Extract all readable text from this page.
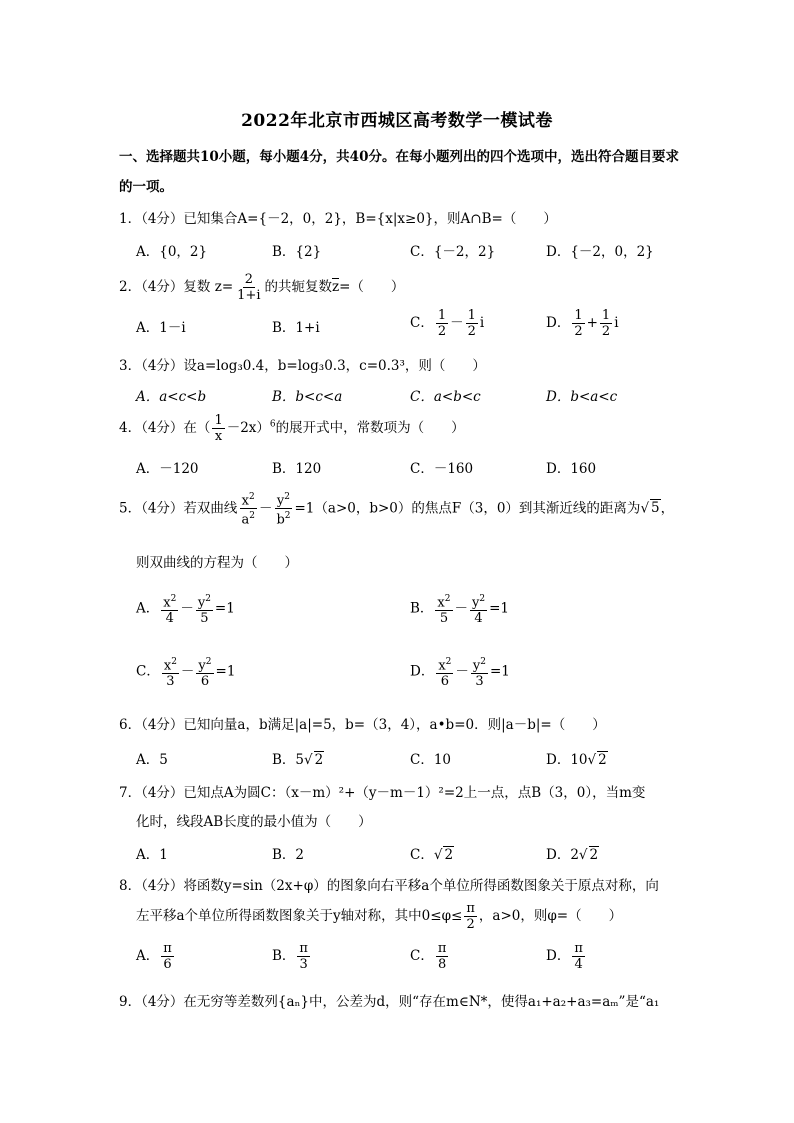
2022年北京市西城区高考数学一模试卷
一、选择题共10小题，每小题4分，共40分。在每小题列出的四个选项中，选出符合题目要求的一项。
1．（4分）已知集合A={－2，0，2}，B={x|x≥0}，则A∩B=（　　）
A．{0，2}	B．{2}	C．{－2，2}	D．{－2，0，2}
2．（4分）复数 $z= \frac{2}{1+i}$ 的共轭复数z=（　　）
A．1－i	B．1+i	C． $\frac{1}{2} - \frac{1}{2}$ i	D． $\frac{1}{2} + \frac{1}{2}$ i
3．（4分）设a=log₃0.4，b=log₃0.3，c=0.3³，则（　　）
A．a<c<b	B．b<c<a	C．a<b<c	D．b<a<c
4．（4分）在（ $\frac{1}{x} -2x)^6$的展开式中，常数项为（　　）
A．－120	B．120	C．－160	D．160
5．（4分）若双曲线 $\frac{x^2}{a^2} - \frac{y^2}{b^2} =1(a>0$，b>0）的焦点F（3，0）到其渐近线的距离为√ 5，
则双曲线的方程为（　　）
A． $\frac{x^2}{4} - \frac{y^2}{5} =1$	B． $\frac{x^2}{5} - \frac{y^2}{4} =1$
C． $\frac{x^2}{3} - \frac{y^2}{6} =1$	D． $\frac{x^2}{6} - \frac{y^2}{3} =1$
6．（4分）已知向量a，b满足|a|=5，b=（3，4），a•b=0．则|a－b|=（　　）
A．5	B．5√ 2	C．10	D．10√ 2
7．（4分）已知点A为圆C：（x－m）²+（y－m－1）²=2上一点，点B（3，0），当m变
化时，线段AB长度的最小值为（　　）
A．1	B．2	C．√ 2	D．2√ 2
8．（4分）将函数y=sin（2x+φ）的图象向右平移a个单位所得函数图象关于原点对称，向
左平移a个单位所得函数图象关于y轴对称，其中$0\le\varphi\le \frac{\pi}{2}$ ，a>0，则φ=（　　）
A． $\frac{\pi}{6}$	B． $\frac{\pi}{3}$	C． $\frac{\pi}{8}$	D． $\frac{\pi}{4}$
9．（4分）在无穷等差数列{aₙ}中，公差为d，则“存在m∈N*，使得a₁+a₂+a₃=aₘ”是“a₁
